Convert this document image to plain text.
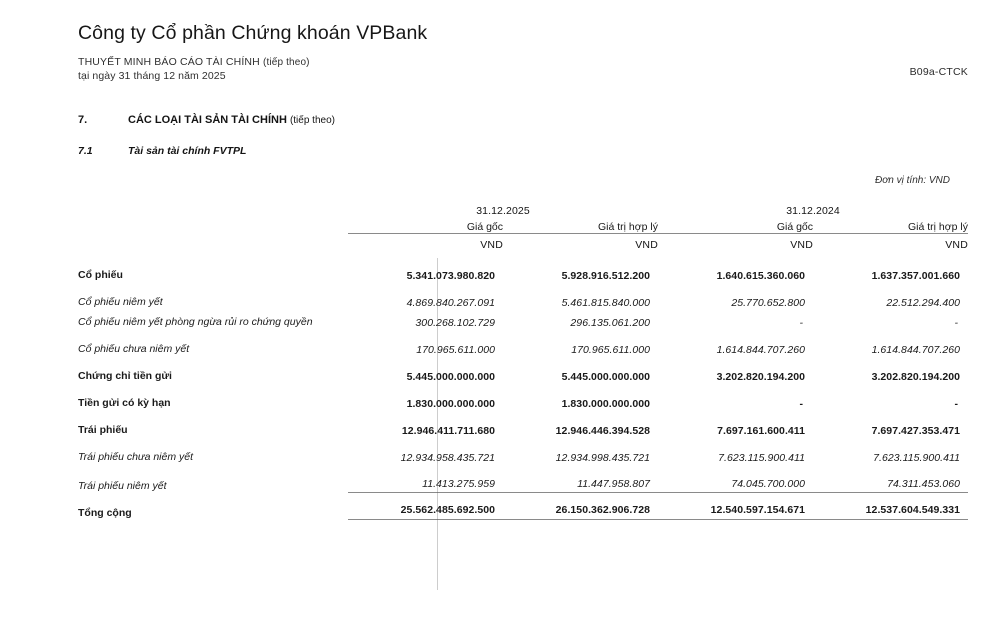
Công ty Cổ phần Chứng khoán VPBank
THUYẾT MINH BÁO CÁO TÀI CHÍNH (tiếp theo)
tại ngày 31 tháng 12 năm 2025	B09a-CTCK
7.	CÁC LOẠI TÀI SẢN TÀI CHÍNH (tiếp theo)
7.1	Tài sản tài chính FVTPL
Đơn vị tính: VND
	31.12.2025		31.12.2024	
	Giá gốc	Giá trị hợp lý	Giá gốc	Giá trị hợp lý
	VND	VND	VND	VND
Cổ phiếu	5.341.073.980.820	5.928.916.512.200	1.640.615.360.060	1.637.357.001.660
Cổ phiếu niêm yết	4.869.840.267.091	5.461.815.840.000	25.770.652.800	22.512.294.400
Cổ phiếu niêm yết phòng ngừa rủi ro chứng quyền	300.268.102.729	296.135.061.200	-	-
Cổ phiếu chưa niêm yết	170.965.611.000	170.965.611.000	1.614.844.707.260	1.614.844.707.260
Chứng chỉ tiền gửi	5.445.000.000.000	5.445.000.000.000	3.202.820.194.200	3.202.820.194.200
Tiền gửi có kỳ hạn	1.830.000.000.000	1.830.000.000.000	-	-
Trái phiếu	12.946.411.711.680	12.946.446.394.528	7.697.161.600.411	7.697.427.353.471
Trái phiếu chưa niêm yết	12.934.958.435.721	12.934.998.435.721	7.623.115.900.411	7.623.115.900.411
Trái phiếu niêm yết	11.413.275.959	11.447.958.807	74.045.700.000	74.311.453.060
Tổng cộng	25.562.485.692.500	26.150.362.906.728	12.540.597.154.671	12.537.604.549.331
